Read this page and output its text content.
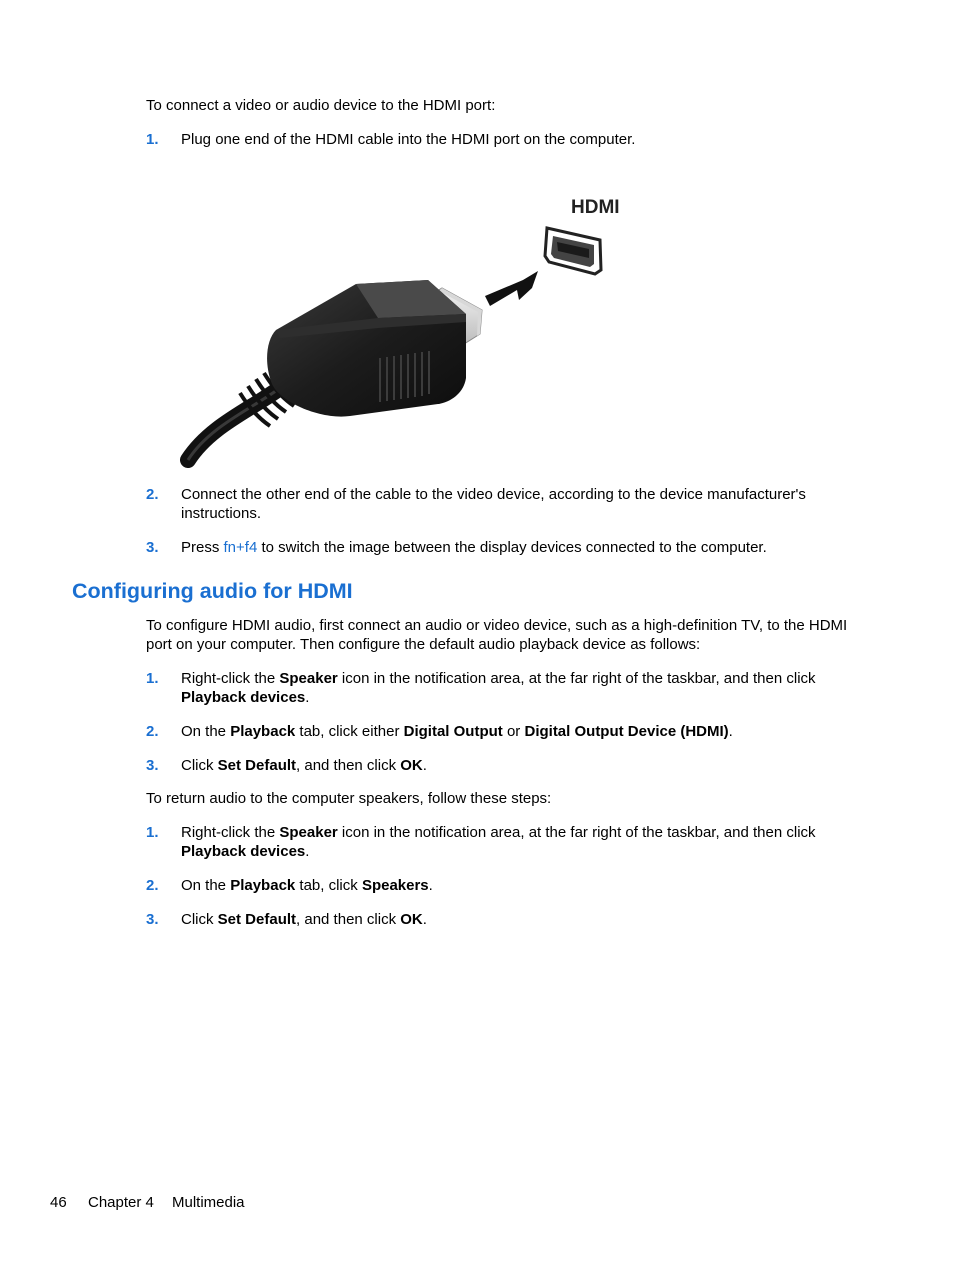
To connect a video or audio device to the HDMI port:

1. Plug one end of the HDMI cable into the HDMI port on the computer.
HDMI
2. Connect the other end of the cable to the video device, according to the device manufacturer's instructions.
3. Press fn+f4 to switch the image between the display devices connected to the computer.
Configuring audio for HDMI

To configure HDMI audio, first connect an audio or video device, such as a high-definition TV, to the HDMI port on your computer. Then configure the default audio playback device as follows:

1. Right-click the Speaker icon in the notification area, at the far right of the taskbar, and then click Playback devices.
2. On the Playback tab, click either Digital Output or Digital Output Device (HDMI).
3. Click Set Default, and then click OK.

To return audio to the computer speakers, follow these steps:

1. Right-click the Speaker icon in the notification area, at the far right of the taskbar, and then click Playback devices.
2. On the Playback tab, click Speakers.
3. Click Set Default, and then click OK.
46 Chapter 4 Multimedia
